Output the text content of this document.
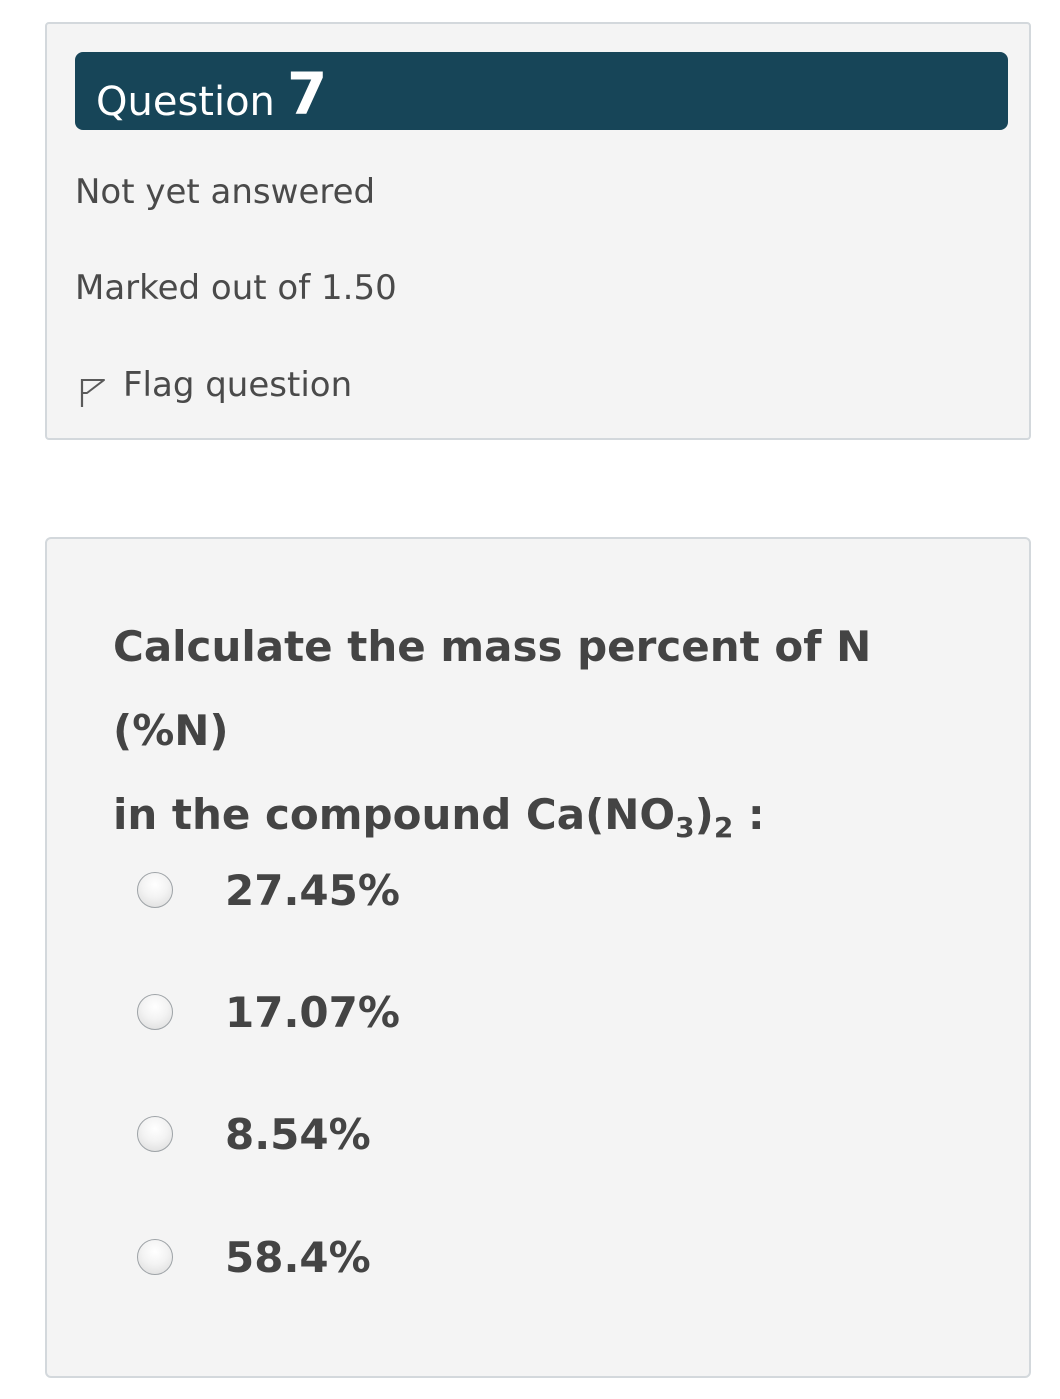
Question 7
Not yet answered
Marked out of 1.50
Flag question
Calculate the mass percent of N (%N)
in the compound $Ca(NO_3)_2$ :
27.45%
17.07%
8.54%
58.4%
